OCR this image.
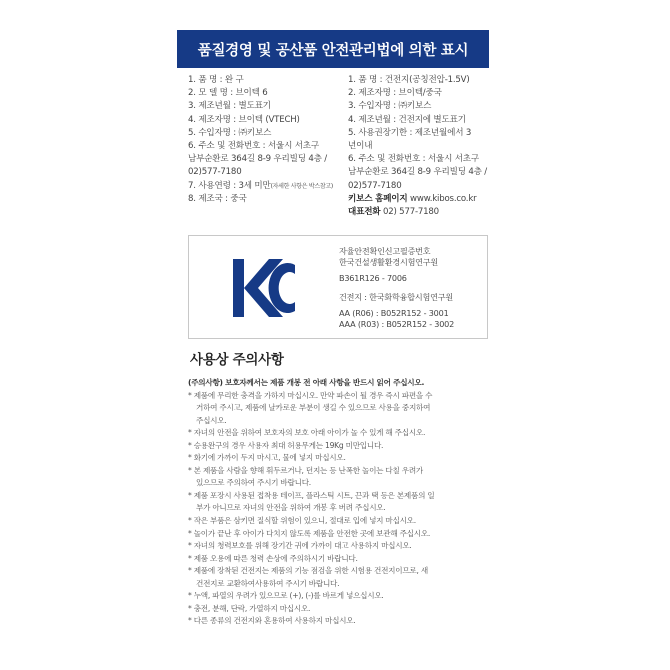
품질경영 및 공산품 안전관리법에 의한 표시
1. 품 명 : 완 구
2. 모 델 명 : 브이텍 6
3. 제조년월 : 별도표기
4. 제조자명 : 브이텍 (VTECH)
5. 수입자명 : ㈜키보스
6. 주소 및 전화번호 : 서울시 서초구
남부순환로 364길 8-9 우리빌딩 4층 /
02)577-7180
7. 사용연령 : 3세 미만(자세한 사항은 박스참고)
8. 제조국 : 중국
1. 품 명 : 건전지(공칭전압-1.5V)
2. 제조자명 : 브이텍/중국
3. 수입자명 : ㈜키보스
4. 제조년월 : 건전지에 별도표기
5. 사용권장기한 : 제조년월에서 3
년이내
6. 주소 및 전화번호 : 서울시 서초구
남부순환로 364길 8-9 우리빌딩 4층 /
02)577-7180
키보스 홈페이지 www.kibos.co.kr
대표전화 02) 577-7180
자율안전확인신고필증번호
한국건설생활환경시험연구원
B361R126 - 7006
건전지 : 한국화학융합시험연구원
AA (R06) : B052R152 - 3001
AAA (R03) : B052R152 - 3002
사용상 주의사항
(주의사항) 보호자께서는 제품 개봉 전 아래 사항을 반드시 읽어 주십시오.
* 제품에 무리한 충격을 가하지 마십시오. 만약 파손이 될 경우 즉시 파편을 수
거하여 주시고, 제품에 날카로운 부분이 생길 수 있으므로 사용을 중지하여
주십시오.
* 자녀의 안전을 위하여 보호자의 보호 아래 아이가 놀 수 있게 해 주십시오.
* 승용완구의 경우 사용자 최대 허용무게는 19Kg 미만입니다.
* 화기에 가까이 두지 마시고, 물에 넣지 마십시오.
* 본 제품을 사람을 향해 휘두르거나, 던지는 등 난폭한 놀이는 다칠 우려가
있으므로 주의하여 주시기 바랍니다.
* 제품 포장시 사용된 접착용 테이프, 플라스틱 시트, 끈과 택 등은 본제품의 일
부가 아니므로 자녀의 안전을 위하여 개봉 후 버려 주십시오.
* 작은 부품은 삼키면 질식할 위험이 있으니, 절대로 입에 넣지 마십시오.
* 놀이가 끝난 후 아이가 다치지 않도록 제품을 안전한 곳에 보관해 주십시오.
* 자녀의 청력보호를 위해 장기간 귀에 가까이 대고 사용하지 마십시오.
* 제품 오용에 따른 청력 손상에 주의하시기 바랍니다.
* 제품에 장착된 건전지는 제품의 기능 점검을 위한 시험용 건전지이므로, 새
건전지로 교환하여사용하여 주시기 바랍니다.
* 누액, 파열의 우려가 있으므로 (+), (-)를 바르게 넣으십시오.
* 충전, 분해, 단락, 가열하지 마십시오.
* 다른 종류의 건전지와 혼용하여 사용하지 마십시오.
